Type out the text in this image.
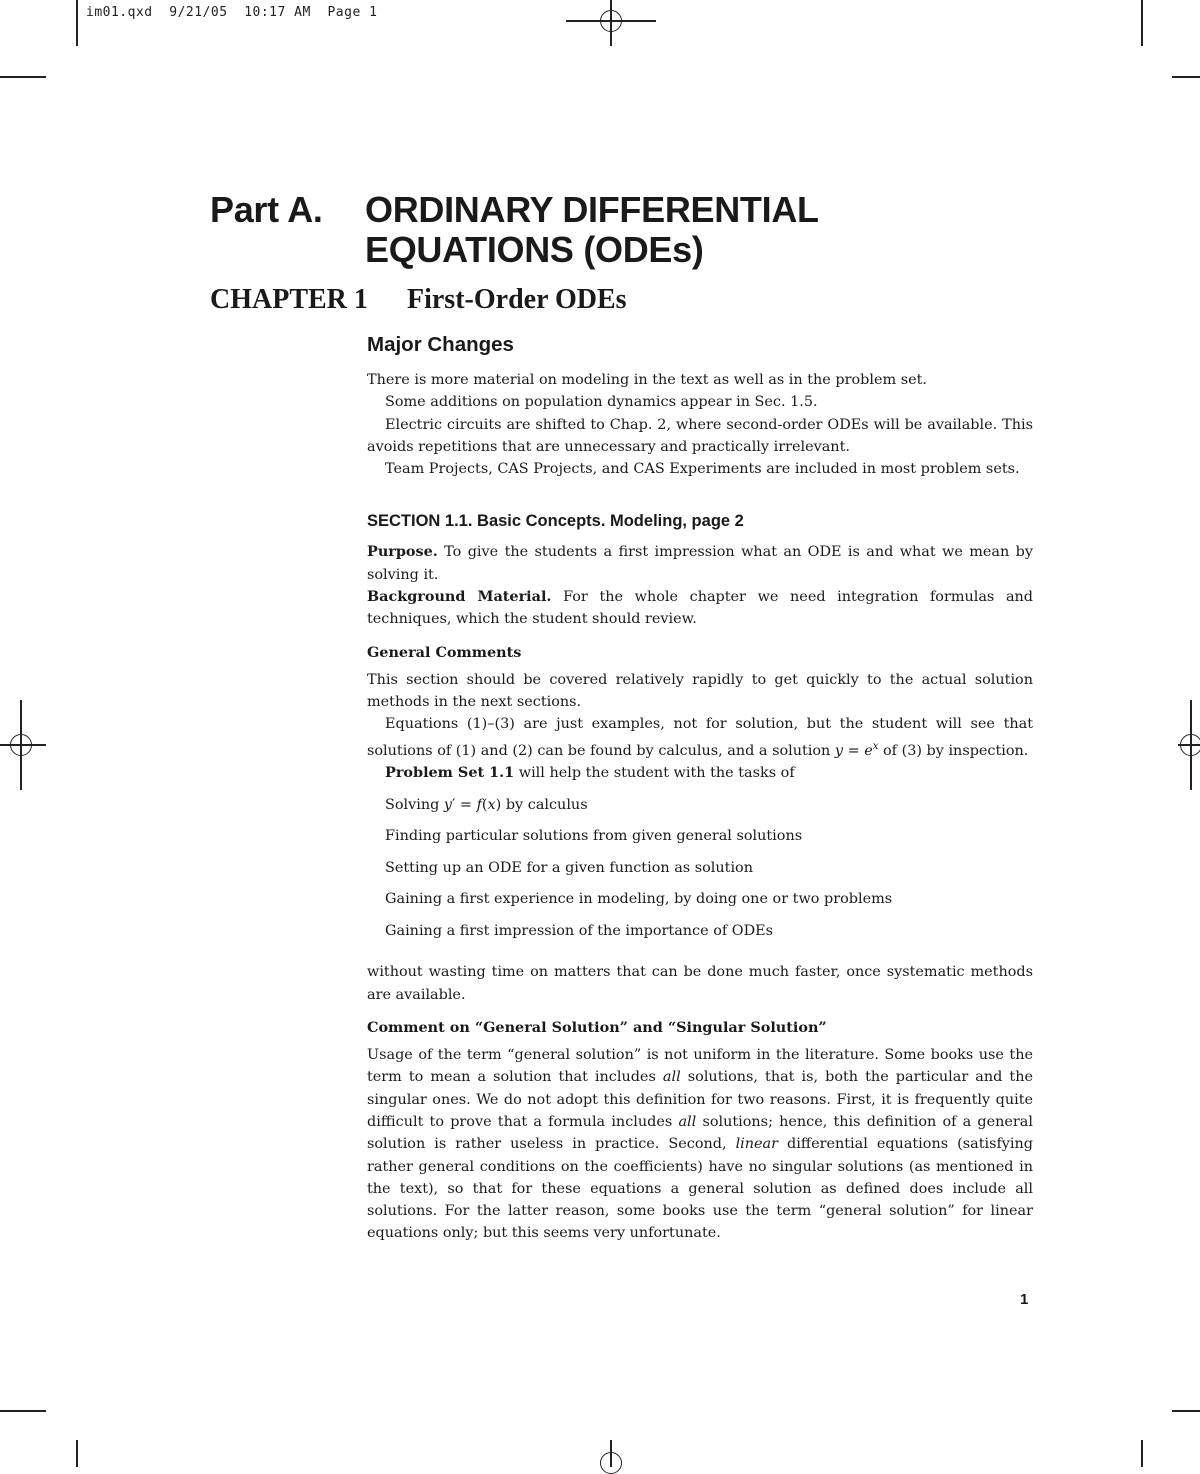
im01.qxd  9/21/05  10:17 AM  Page 1
Part A. ORDINARY DIFFERENTIAL
EQUATIONS (ODEs)
CHAPTER 1 First-Order ODEs
Major Changes

There is more material on modeling in the text as well as in the problem set.

Some additions on population dynamics appear in Sec. 1.5.

Electric circuits are shifted to Chap. 2, where second-order ODEs will be available. This avoids repetitions that are unnecessary and practically irrelevant.

Team Projects, CAS Projects, and CAS Experiments are included in most problem sets.

SECTION 1.1. Basic Concepts. Modeling, page 2

Purpose. To give the students a first impression what an ODE is and what we mean by solving it.

Background Material. For the whole chapter we need integration formulas and techniques, which the student should review.

General Comments

This section should be covered relatively rapidly to get quickly to the actual solution methods in the next sections.

Equations (1)–(3) are just examples, not for solution, but the student will see that solutions of (1) and (2) can be found by calculus, and a solution $y = e^x$ of (3) by inspection.

Problem Set 1.1 will help the student with the tasks of

Solving y′ = f(x) by calculus
Finding particular solutions from given general solutions
Setting up an ODE for a given function as solution
Gaining a first experience in modeling, by doing one or two problems
Gaining a first impression of the importance of ODEs

without wasting time on matters that can be done much faster, once systematic methods are available.

Comment on “General Solution” and “Singular Solution”

Usage of the term “general solution” is not uniform in the literature. Some books use the term to mean a solution that includes all solutions, that is, both the particular and the singular ones. We do not adopt this definition for two reasons. First, it is frequently quite difficult to prove that a formula includes all solutions; hence, this definition of a general solution is rather useless in practice. Second, linear differential equations (satisfying rather general conditions on the coefficients) have no singular solutions (as mentioned in the text), so that for these equations a general solution as defined does include all solutions. For the latter reason, some books use the term “general solution” for linear equations only; but this seems very unfortunate.

1
